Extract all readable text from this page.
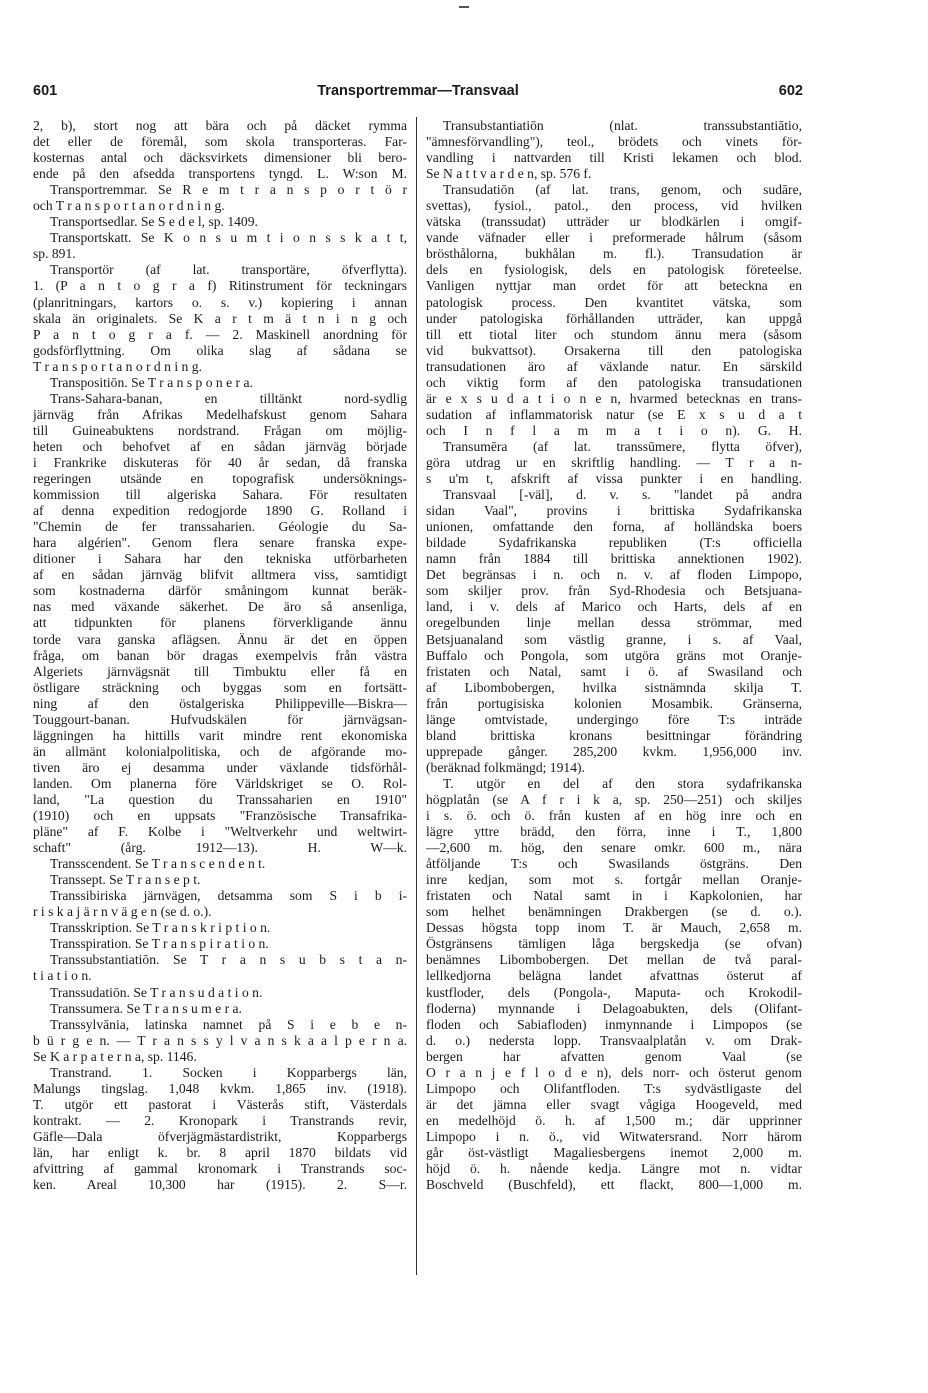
601	Transportremmar—Transvaal	602
2, b), stort nog att bära och på däcket rymma
det eller de föremål, som skola transporteras. Far-
kosternas antal och däcksvirkets dimensioner bli bero-
ende på den afsedda transportens tyngd. L. W:son M.
Transportremmar. Se R e m t r a n s p o r t ö r
och T r a n s p o r t a n o r d n i n g.
Transportsedlar. Se S e d e l, sp. 1409.
Transportskatt. Se K o n s u m t i o n s s k a t t,
sp. 891.
Transportör (af lat. transportäre, öfverflytta).
1. (P a n t o g r a f) Ritinstrument för teckningars
(planritningars, kartors o. s. v.) kopiering i annan
skala än originalets. Se K a r t m ä t n i n g och
P a n t o g r a f. — 2. Maskinell anordning för
godsförflyttning. Om olika slag af sådana se
T r a n s p o r t a n o r d n i n g.
Transpositiōn. Se T r a n s p o n e r a.
Trans-Sahara-banan, en tilltänkt nord-sydlig
järnväg från Afrikas Medelhafskust genom Sahara
till Guineabuktens nordstrand. Frågan om möjlig-
heten och behofvet af en sådan järnväg började
i Frankrike diskuteras för 40 år sedan, då franska
regeringen utsände en topografisk undersöknings-
kommission till algeriska Sahara. För resultaten
af denna expedition redogjorde 1890 G. Rolland i
"Chemin de fer transsaharien. Géologie du Sa-
hara algérien". Genom flera senare franska expe-
ditioner i Sahara har den tekniska utförbarheten
af en sådan järnväg blifvit alltmera viss, samtidigt
som kostnaderna därför småningom kunnat beräk-
nas med växande säkerhet. De äro så ansenliga,
att tidpunkten för planens förverkligande ännu
torde vara ganska aflägsen. Ännu är det en öppen
fråga, om banan bör dragas exempelvis från västra
Algeriets järnvägsnät till Timbuktu eller få en
östligare sträckning och byggas som en fortsätt-
ning af den östalgeriska Philippeville—Biskra—
Touggourt-banan. Hufvudskälen för järnvägsan-
läggningen ha hittills varit mindre rent ekonomiska
än allmänt kolonialpolitiska, och de afgörande mo-
tiven äro ej desamma under växlande tidsförhål-
landen. Om planerna före Världskriget se O. Rol-
land, "La question du Transsaharien en 1910"
(1910) och en uppsats "Französische Transafrika-
pläne" af F. Kolbe i "Weltverkehr und weltwirt-
schaft" (årg. 1912—13). H. W—k.
Transscendent. Se T r a n s c e n d e n t.
Transsept. Se T r a n s e p t.
Transsibiriska järnvägen, detsamma som S i b i-
r i s k a j ä r n v ä g e n (se d. o.).
Transskription. Se T r a n s k r i p t i o n.
Transspiration. Se T r a n s p i r a t i o n.
Transsubstantiatiōn. Se T r a n s u b s t a n-
t i a t i o n.
Transsudatiōn. Se T r a n s u d a t i o n.
Transsumera. Se T r a n s u m e r a.
Transsylvānia, latinska namnet på S i e b e n-
b ü r g e n. — T r a n s s y l v a n s k a a l p e r n a.
Se K a r p a t e r n a, sp. 1146.
Transtrand. 1. Socken i Kopparbergs län,
Malungs tingslag. 1,048 kvkm. 1,865 inv. (1918).
T. utgör ett pastorat i Västerås stift, Västerdals
kontrakt. — 2. Kronopark i Transtrands revir,
Gäfle—Dala öfverjägmästardistrikt, Kopparbergs
län, har enligt k. br. 8 april 1870 bildats vid
afvittring af gammal kronomark i Transtrands soc-
ken. Areal 10,300 har (1915). 2. S—r.
Transubstantiatiōn (nlat. transsubstantiātio,
"ämnesförvandling"), teol., brödets och vinets för-
vandling i nattvarden till Kristi lekamen och blod.
Se N a t t v a r d e n, sp. 576 f.
Transudatiōn (af lat. trans, genom, och sudāre,
svettas), fysiol., patol., den process, vid hvilken
vätska (transsudat) utträder ur blodkärlen i omgif-
vande väfnader eller i preformerade hålrum (såsom
brösthålorna, bukhålan m. fl.). Transudation är
dels en fysiologisk, dels en patologisk företeelse.
Vanligen nyttjar man ordet för att beteckna en
patologisk process. Den kvantitet vätska, som
under patologiska förhållanden utträder, kan uppgå
till ett tiotal liter och stundom ännu mera (såsom
vid bukvattsot). Orsakerna till den patologiska
transudationen äro af växlande natur. En särskild
och viktig form af den patologiska transudationen
är e x s u d a t i o n e n, hvarmed betecknas en trans-
sudation af inflammatorisk natur (se E x s u d a t
och I n f l a m m a t i o n). G. H.
Transumēra (af lat. transsūmere, flytta öfver),
göra utdrag ur en skriftlig handling. — T r a n-
s u'm t, afskrift af vissa punkter i en handling.
Transvaal [-väl], d. v. s. "landet på andra
sidan Vaal", provins i brittiska Sydafrikanska
unionen, omfattande den forna, af holländska boers
bildade Sydafrikanska republiken (T:s officiella
namn från 1884 till brittiska annektionen 1902).
Det begränsas i n. och n. v. af floden Limpopo,
som skiljer prov. från Syd-Rhodesia och Betsjuana-
land, i v. dels af Marico och Harts, dels af en
oregelbunden linje mellan dessa strömmar, med
Betsjuanaland som västlig granne, i s. af Vaal,
Buffalo och Pongola, som utgöra gräns mot Oranje-
fristaten och Natal, samt i ö. af Swasiland och
af Libombobergen, hvilka sistnämnda skilja T.
från portugisiska kolonien Mosambik. Gränserna,
länge omtvistade, undergingo före T:s inträde
bland brittiska kronans besittningar förändring
upprepade gånger. 285,200 kvkm. 1,956,000 inv.
(beräknad folkmängd; 1914).
T. utgör en del af den stora sydafrikanska
högplatån (se A f r i k a, sp. 250—251) och skiljes
i s. ö. och ö. från kusten af en hög inre och en
lägre yttre brädd, den förra, inne i T., 1,800
—2,600 m. hög, den senare omkr. 600 m., nära
åtföljande T:s och Swasilands östgräns. Den
inre kedjan, som mot s. fortgår mellan Oranje-
fristaten och Natal samt in i Kapkolonien, har
som helhet benämningen Drakbergen (se d. o.).
Dessas högsta topp inom T. är Mauch, 2,658 m.
Östgränsens tämligen låga bergskedja (se ofvan)
benämnes Libombobergen. Det mellan de två paral-
lellkedjorna belägna landet afvattnas österut af
kustfloder, dels (Pongola-, Maputa- och Krokodil-
floderna) mynnande i Delagoabukten, dels (Olifant-
floden och Sabiafloden) inmynnande i Limpopos (se
d. o.) nedersta lopp. Transvaalplatån v. om Drak-
bergen har afvatten genom Vaal (se
O r a n j e f l o d e n), dels norr- och österut genom
Limpopo och Olifantfloden. T:s sydvästligaste del
är det jämna eller svagt vågiga Hoogeveld, med
en medelhöjd ö. h. af 1,500 m.; där upprinner
Limpopo i n. ö., vid Witwatersrand. Norr härom
går öst-västligt Magaliesbergens inemot 2,000 m.
höjd ö. h. nående kedja. Längre mot n. vidtar
Boschveld (Buschfeld), ett flackt, 800—1,000 m.
